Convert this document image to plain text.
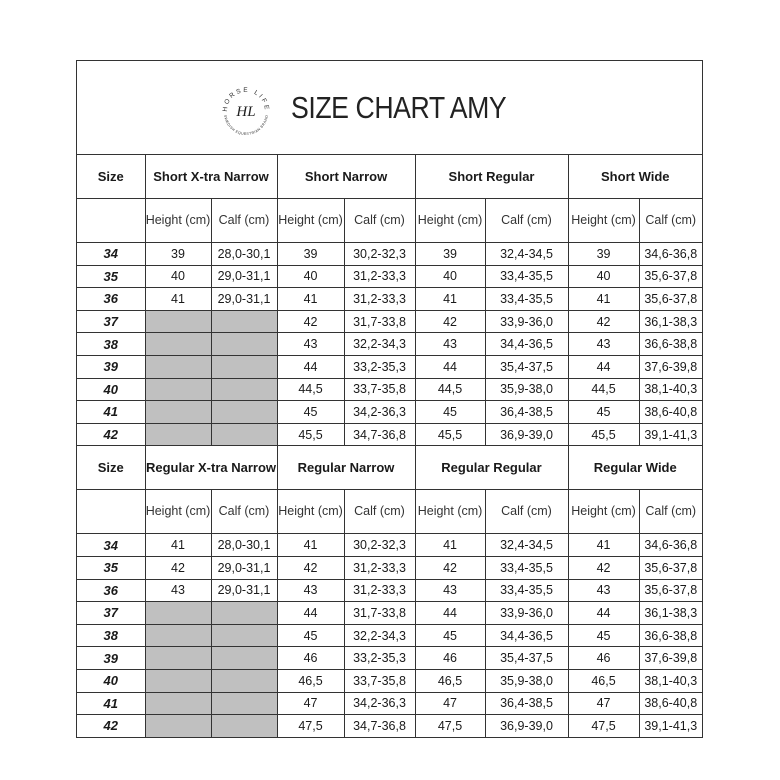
HORSE LIFE
SWEDISH EQUESTRIAN BRAND
HL SIZE CHART AMY
Size	Short X-tra Narrow		Short Narrow		Short Regular		Short Wide	
	Height (cm)	Calf (cm)	Height (cm)	Calf (cm)	Height (cm)	Calf (cm)	Height (cm)	Calf (cm)
34	39	28,0-30,1	39	30,2-32,3	39	32,4-34,5	39	34,6-36,8
35	40	29,0-31,1	40	31,2-33,3	40	33,4-35,5	40	35,6-37,8
36	41	29,0-31,1	41	31,2-33,3	41	33,4-35,5	41	35,6-37,8
37			42	31,7-33,8	42	33,9-36,0	42	36,1-38,3
38			43	32,2-34,3	43	34,4-36,5	43	36,6-38,8
39			44	33,2-35,3	44	35,4-37,5	44	37,6-39,8
40			44,5	33,7-35,8	44,5	35,9-38,0	44,5	38,1-40,3
41			45	34,2-36,3	45	36,4-38,5	45	38,6-40,8
42			45,5	34,7-36,8	45,5	36,9-39,0	45,5	39,1-41,3
Size	Regular X-tra Narrow		Regular Narrow		Regular Regular		Regular Wide	
	Height (cm)	Calf (cm)	Height (cm)	Calf (cm)	Height (cm)	Calf (cm)	Height (cm)	Calf (cm)
34	41	28,0-30,1	41	30,2-32,3	41	32,4-34,5	41	34,6-36,8
35	42	29,0-31,1	42	31,2-33,3	42	33,4-35,5	42	35,6-37,8
36	43	29,0-31,1	43	31,2-33,3	43	33,4-35,5	43	35,6-37,8
37			44	31,7-33,8	44	33,9-36,0	44	36,1-38,3
38			45	32,2-34,3	45	34,4-36,5	45	36,6-38,8
39			46	33,2-35,3	46	35,4-37,5	46	37,6-39,8
40			46,5	33,7-35,8	46,5	35,9-38,0	46,5	38,1-40,3
41			47	34,2-36,3	47	36,4-38,5	47	38,6-40,8
42			47,5	34,7-36,8	47,5	36,9-39,0	47,5	39,1-41,3
